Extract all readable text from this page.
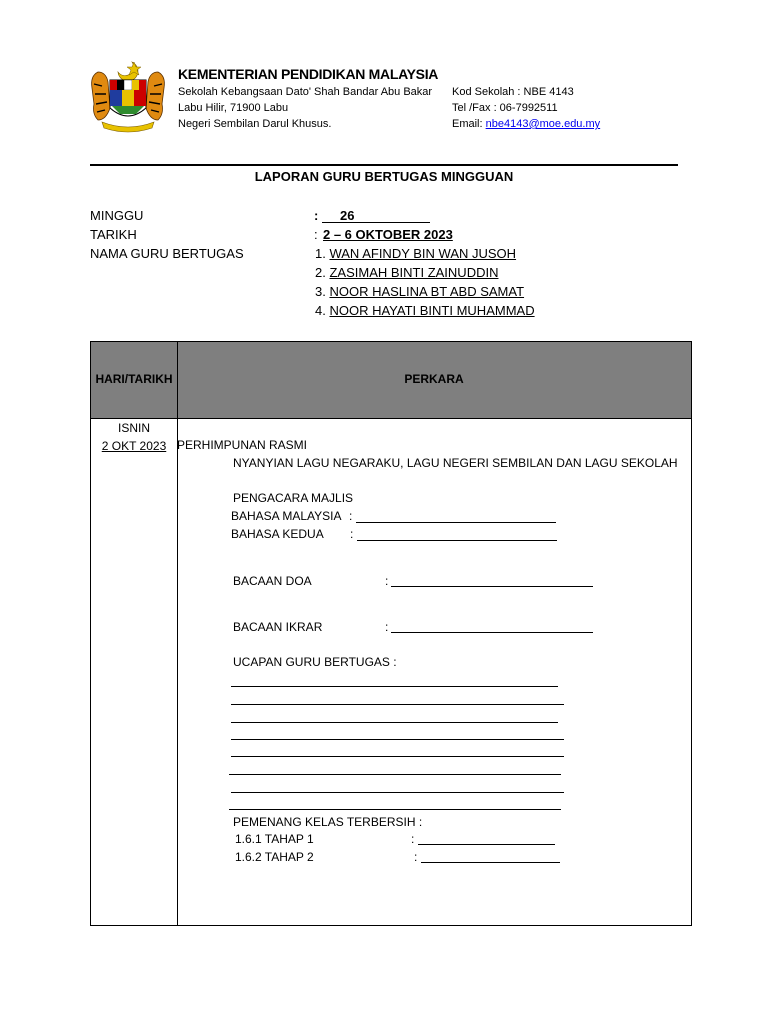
KEMENTERIAN PENDIDIKAN MALAYSIA
Sekolah Kebangsaan Dato' Shah Bandar Abu Bakar
Labu Hilir, 71900 Labu
Negeri Sembilan Darul Khusus.
Kod Sekolah : NBE 4143
Tel /Fax : 06-7992511
Email: nbe4143@moe.edu.my
LAPORAN GURU BERTUGAS MINGGUAN
MINGGU	:	26
TARIKH	: 2 – 6 OKTOBER 2023
NAMA GURU BERTUGAS	1. WAN AFINDY BIN WAN JUSOH
2. ZASIMAH BINTI ZAINUDDIN
3. NOOR HASLINA BT ABD SAMAT
4. NOOR HAYATI BINTI MUHAMMAD
HARI/TARIKH	PERKARA
ISNIN
2 OKT 2023 PERHIMPUNAN RASMI
NYANYIAN LAGU NEGARAKU, LAGU NEGERI SEMBILAN DAN LAGU SEKOLAH
PENGACARA MAJLIS
BAHASA MALAYSIA :
BAHASA KEDUA :
BACAAN DOA	:
BACAAN IKRAR	:
UCAPAN GURU BERTUGAS :
PEMENANG KELAS TERBERSIH :
1.6.1 TAHAP 1	:
1.6.2 TAHAP 2	:
